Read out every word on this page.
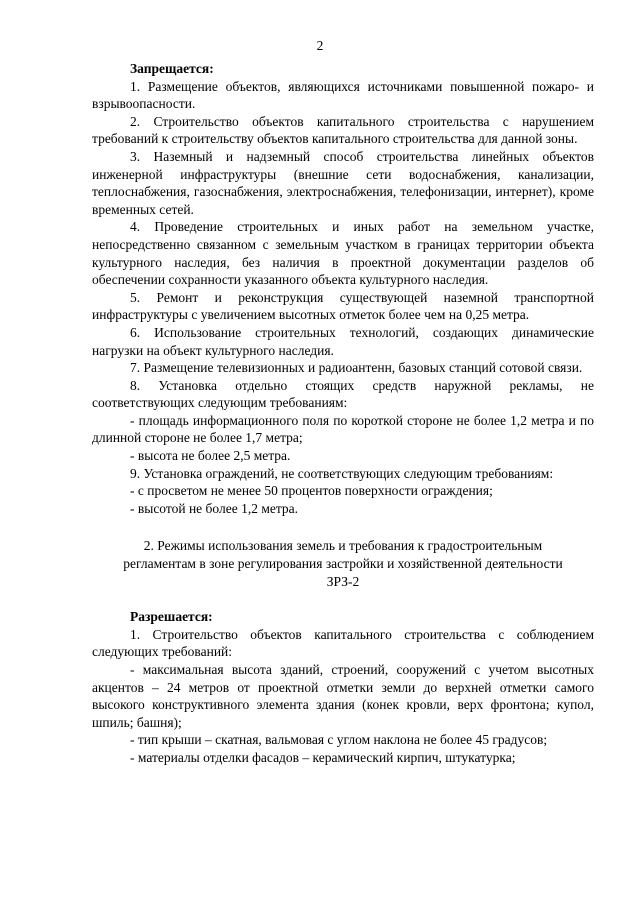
2

Запрещается:

1. Размещение объектов, являющихся источниками повышенной пожаро- и взрывоопасности.

2. Строительство объектов капитального строительства с нарушением требований к строительству объектов капитального строительства для данной зоны.

3. Наземный и надземный способ строительства линейных объектов инженерной инфраструктуры (внешние сети водоснабжения, канализации, теплоснабжения, газоснабжения, электроснабжения, телефонизации, интернет), кроме временных сетей.

4. Проведение строительных и иных работ на земельном участке, непосредственно связанном с земельным участком в границах территории объекта культурного наследия, без наличия в проектной документации разделов об обеспечении сохранности указанного объекта культурного наследия.

5. Ремонт и реконструкция существующей наземной транспортной инфраструктуры с увеличением высотных отметок более чем на 0,25 метра.

6. Использование строительных технологий, создающих динамические нагрузки на объект культурного наследия.

7. Размещение телевизионных и радиоантенн, базовых станций сотовой связи.

8. Установка отдельно стоящих средств наружной рекламы, не соответствующих следующим требованиям:

- площадь информационного поля по короткой стороне не более 1,2 метра и по длинной стороне не более 1,7 метра;

- высота не более 2,5 метра.

9. Установка ограждений, не соответствующих следующим требованиям:

- с просветом не менее 50 процентов поверхности ограждения;

- высотой не более 1,2 метра.

2. Режимы использования земель и требования к градостроительным

регламентам в зоне регулирования застройки и хозяйственной деятельности

ЗРЗ-2

Разрешается:

1. Строительство объектов капитального строительства с соблюдением следующих требований:

- максимальная высота зданий, строений, сооружений с учетом высотных акцентов – 24 метров от проектной отметки земли до верхней отметки самого высокого конструктивного элемента здания (конек кровли, верх фронтона; купол, шпиль; башня);

- тип крыши – скатная, вальмовая с углом наклона не более 45 градусов;

- материалы отделки фасадов – керамический кирпич, штукатурка;
